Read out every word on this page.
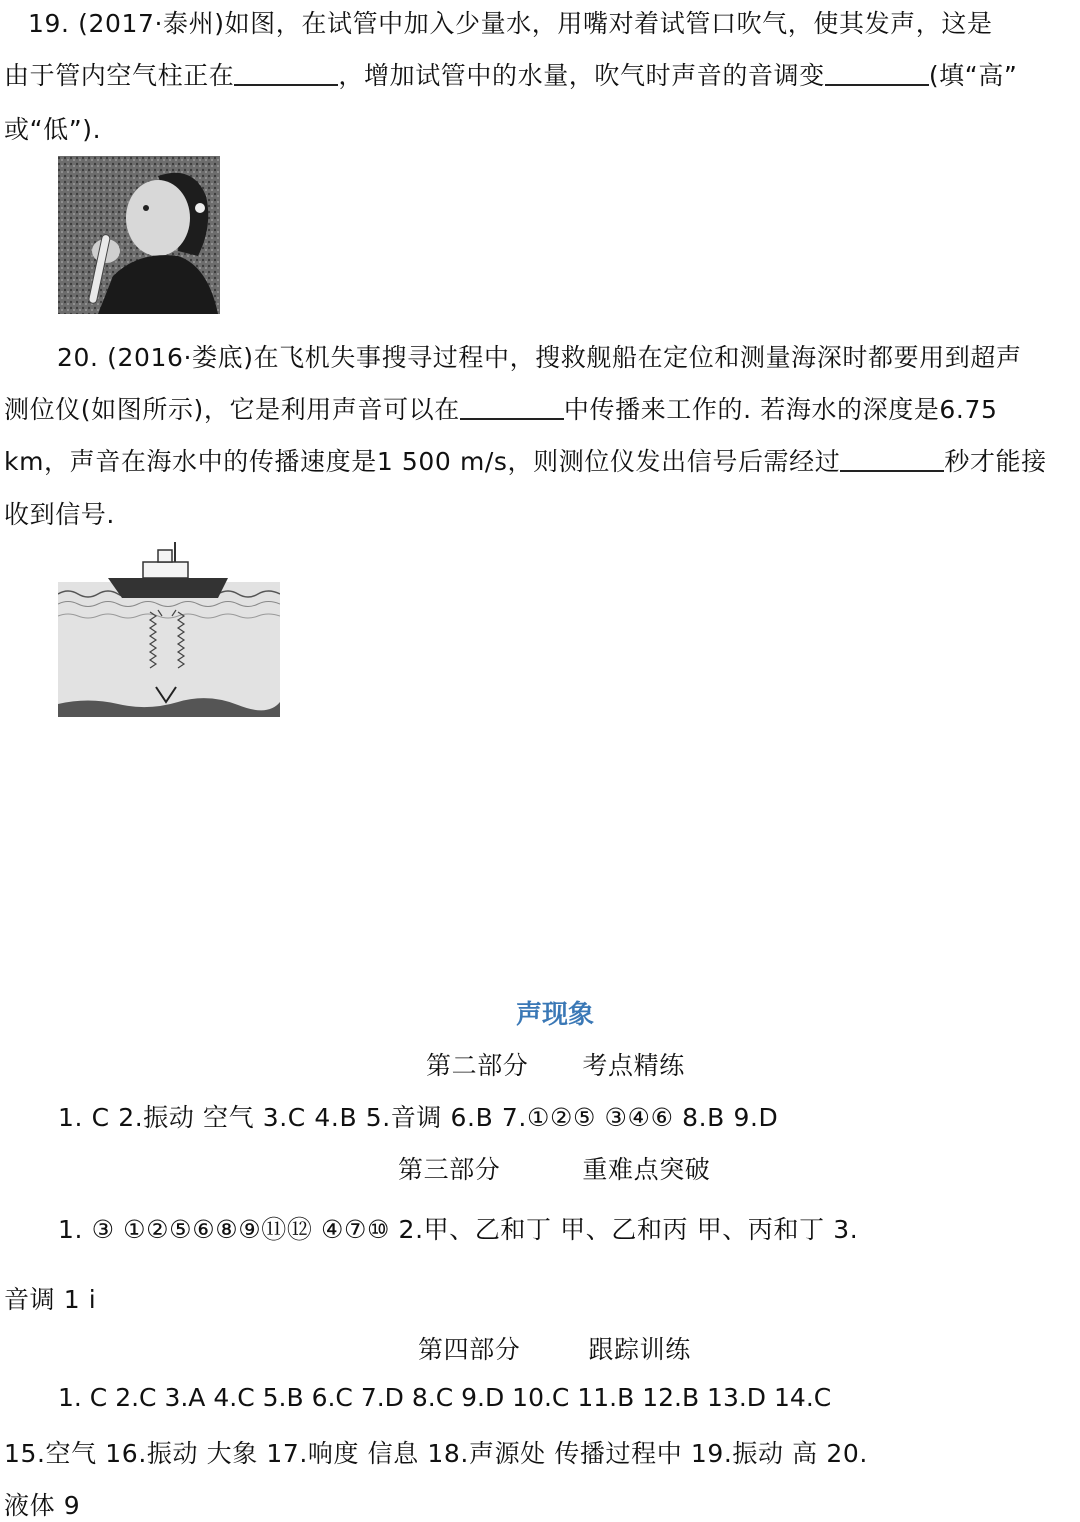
19. (2017·泰州)如图，在试管中加入少量水，用嘴对着试管口吹气，使其发声，这是
由于管内空气柱正在	，增加试管中的水量，吹气时声音的音调变	(填“高”
或“低”).
20. (2016·娄底)在飞机失事搜寻过程中，搜救舰船在定位和测量海深时都要用到超声
测位仪(如图所示)，它是利用声音可以在	中传播来工作的. 若海水的深度是6.75
km，声音在海水中的传播速度是1 500 m/s，则测位仪发出信号后需经过	秒才能接
收到信号.
声现象
第二部分 考点精练
1. C 2.振动 空气 3.C 4.B 5.音调 6.B 7.①②⑤ ③④⑥ 8.B 9.D
第三部分	重难点突破
1. ③ ①②⑤⑥⑧⑨⑪⑫ ④⑦⑩ 2.甲、乙和丁 甲、乙和丙 甲、丙和丁 3.
音调 1 i
第四部分	跟踪训练
1. C 2.C 3.A 4.C 5.B 6.C 7.D 8.C 9.D 10.C 11.B 12.B 13.D 14.C
15.空气 16.振动 大象 17.响度 信息 18.声源处 传播过程中 19.振动 高 20.
液体 9
